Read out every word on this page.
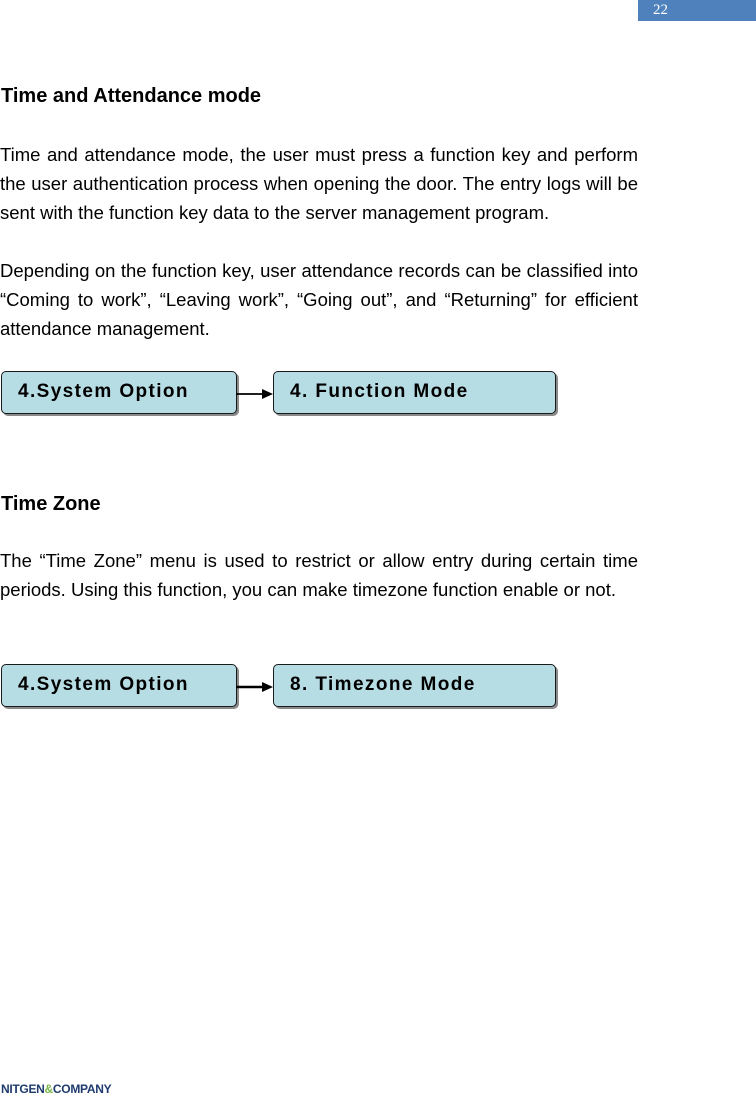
22
Time and Attendance mode

Time and attendance mode, the user must press a function key and perform the user authentication process when opening the door. The entry logs will be sent with the function key data to the server management program.

Depending on the function key, user attendance records can be classified into “Coming to work”, “Leaving work”, “Going out”, and “Returning” for efficient attendance management.

4.System Option	4. Function Mode
Time Zone

The “Time Zone” menu is used to restrict or allow entry during certain time periods. Using this function, you can make timezone function enable or not.

4.System Option	8. Timezone Mode
NITGEN&COMPANY
